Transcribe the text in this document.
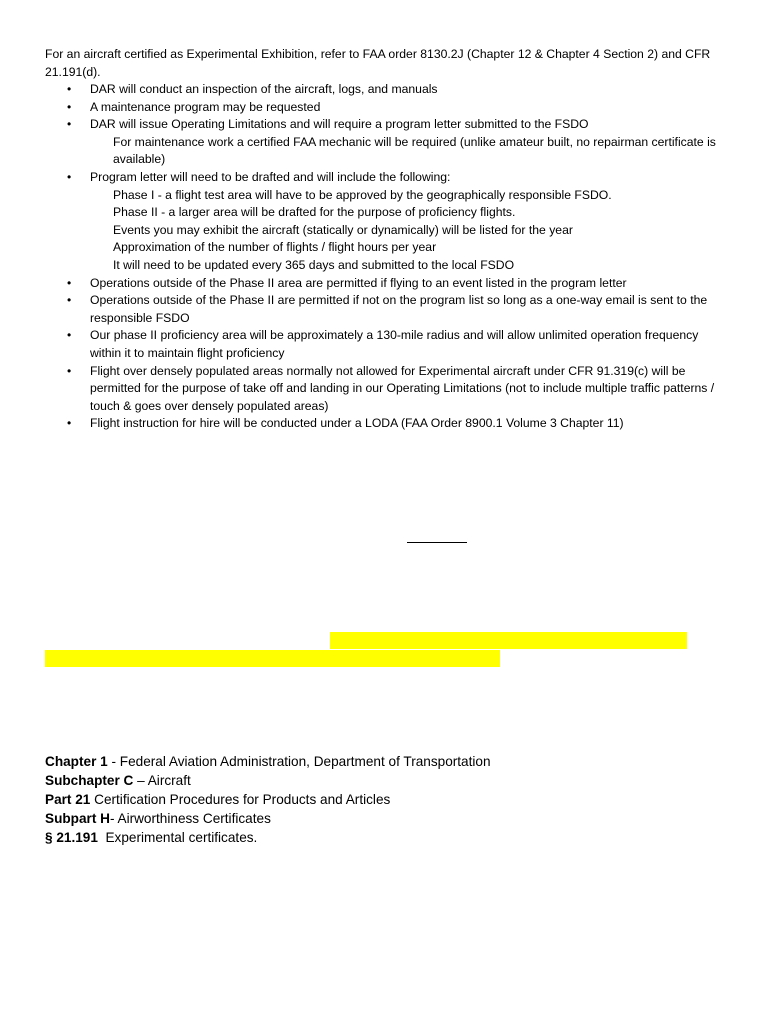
For an aircraft certified as Experimental Exhibition, refer to FAA order 8130.2J (Chapter 12 & Chapter 4 Section 2) and CFR 21.191(d).
• DAR will conduct an inspection of the aircraft, logs, and manuals
• A maintenance program may be requested
• DAR will issue Operating Limitations and will require a program letter submitted to the FSDO
For maintenance work a certified FAA mechanic will be required (unlike amateur built, no repairman certificate is available)
• Program letter will need to be drafted and will include the following:
Phase I - a flight test area will have to be approved by the geographically responsible FSDO.
Phase II - a larger area will be drafted for the purpose of proficiency flights.
Events you may exhibit the aircraft (statically or dynamically) will be listed for the year
Approximation of the number of flights / flight hours per year
It will need to be updated every 365 days and submitted to the local FSDO
• Operations outside of the Phase II area are permitted if flying to an event listed in the program letter
• Operations outside of the Phase II are permitted if not on the program list so long as a one-way email is sent to the responsible FSDO
• Our phase II proficiency area will be approximately a 130-mile radius and will allow unlimited operation frequency within it to maintain flight proficiency
• Flight over densely populated areas normally not allowed for Experimental aircraft under CFR 91.319(c) will be permitted for the purpose of take off and landing in our Operating Limitations (not to include multiple traffic patterns / touch & goes over densely populated areas)
• Flight instruction for hire will be conducted under a LODA (FAA Order 8900.1 Volume 3 Chapter 11)
Chapter 1 - Federal Aviation Administration, Department of Transportation
Subchapter C – Aircraft
Part 21 Certification Procedures for Products and Articles
Subpart H- Airworthiness Certificates
§ 21.191  Experimental certificates.
